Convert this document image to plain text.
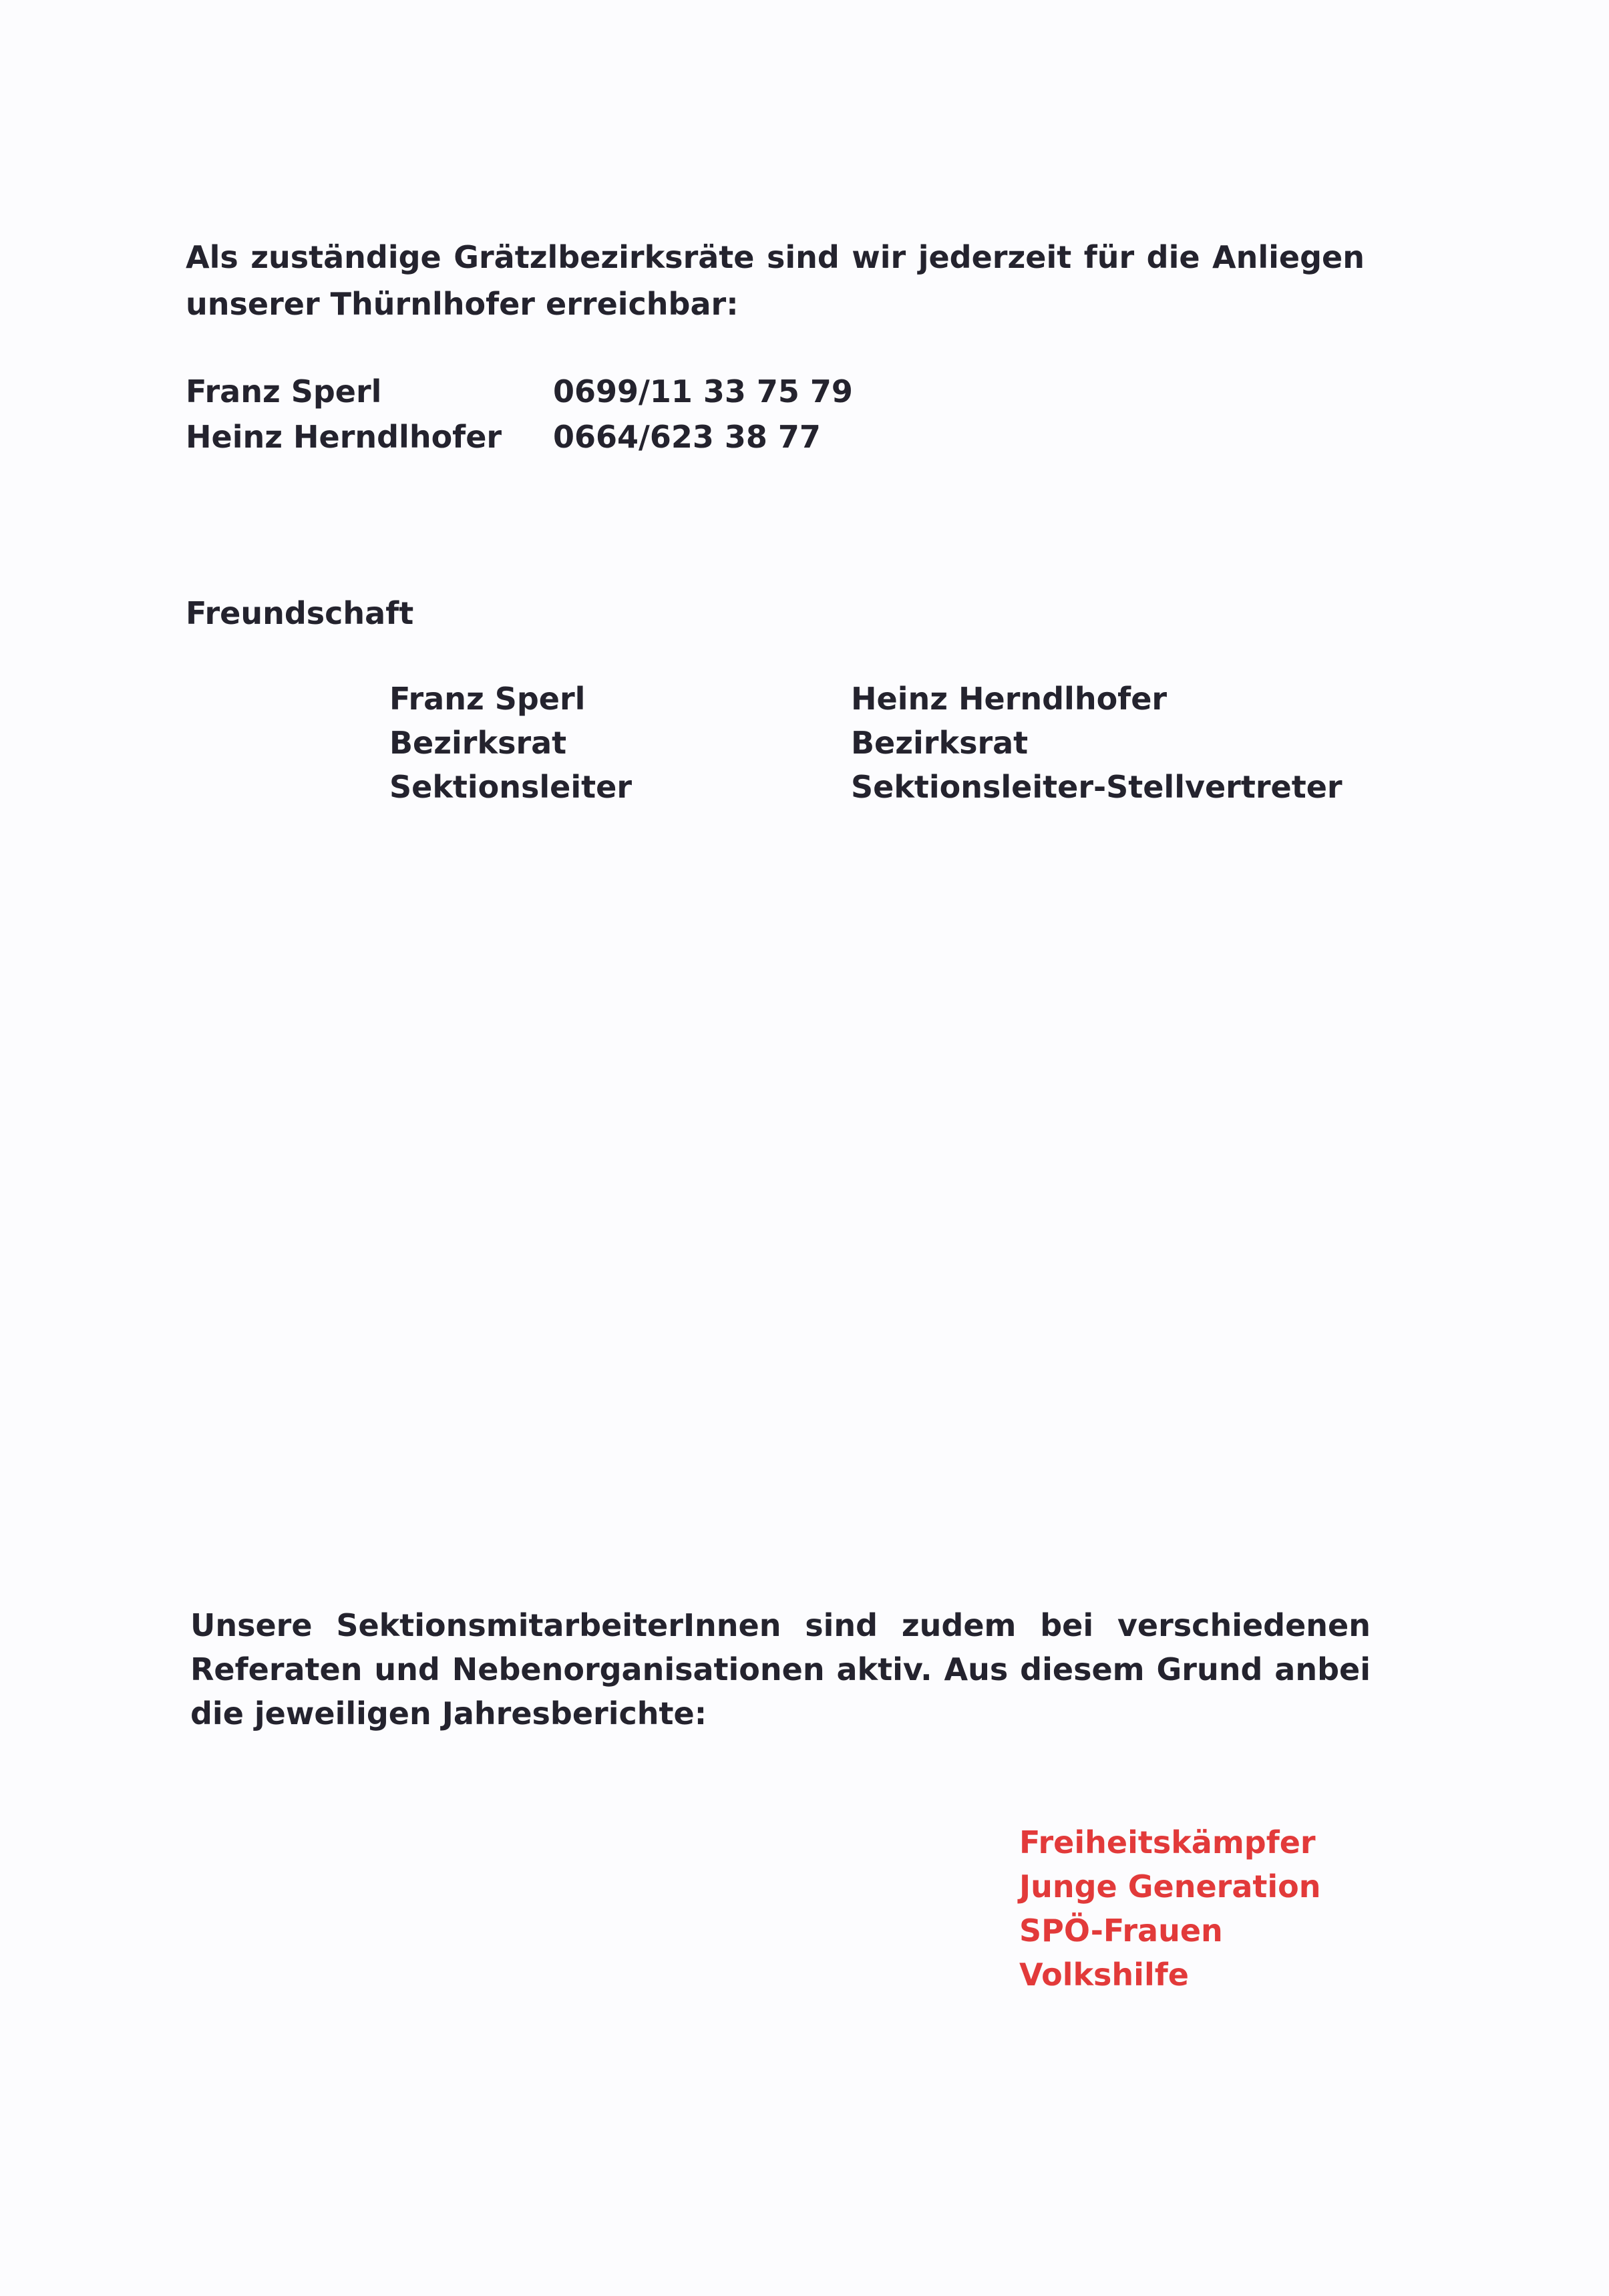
Als zuständige Grätzlbezirksräte sind wir jederzeit für die Anliegen unserer Thürnlhofer erreichbar:

Franz Sperl	0699/11 33 75 79
Heinz Herndlhofer	0664/623 38 77
Freundschaft
Franz Sperl
Bezirksrat
Sektionsleiter
Heinz Herndlhofer
Bezirksrat
Sektionsleiter-Stellvertreter

Unsere SektionsmitarbeiterInnen sind zudem bei verschiedenen Referaten und Nebenorganisationen aktiv. Aus diesem Grund anbei die jeweiligen Jahresberichte:

Freiheitskämpfer
Junge Generation
SPÖ-Frauen
Volkshilfe
